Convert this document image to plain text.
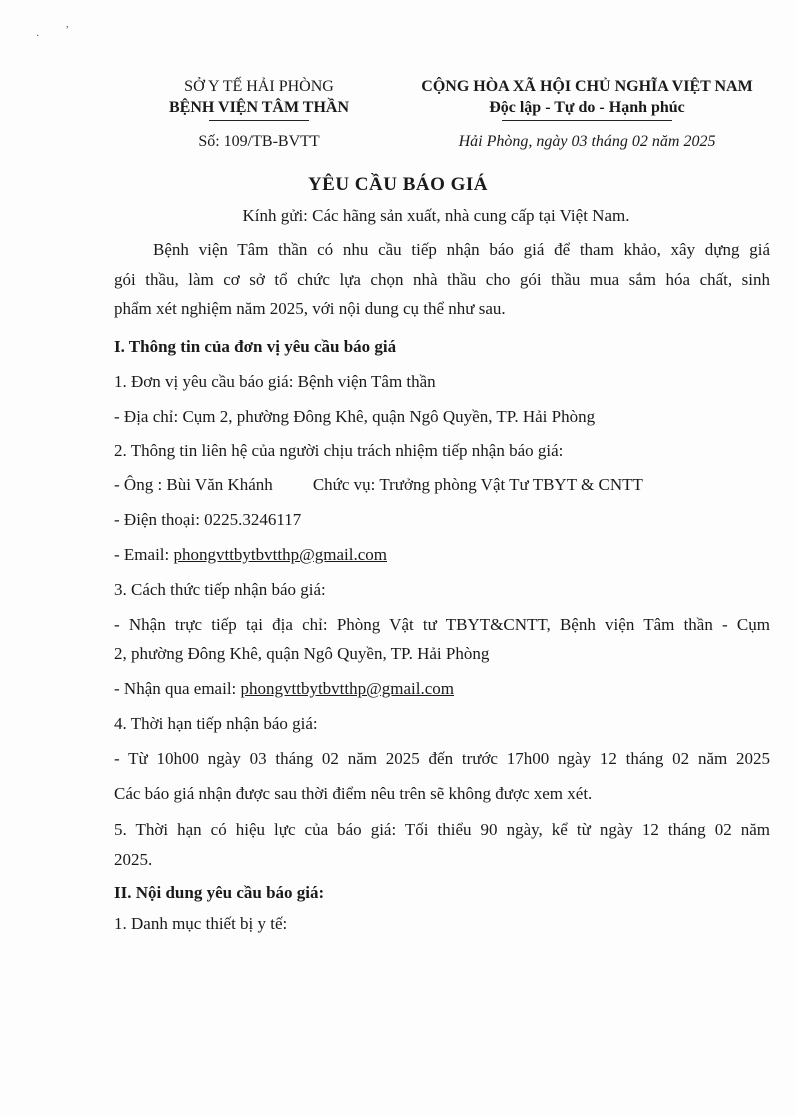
·
,
SỞ Y TẾ HẢI PHÒNG
BỆNH VIỆN TÂM THẦN
CỘNG HÒA XÃ HỘI CHỦ NGHĨA VIỆT NAM
Độc lập - Tự do - Hạnh phúc
Số: 109/TB-BVTT	Hải Phòng, ngày 03 tháng 02 năm 2025
YÊU CẦU BÁO GIÁ
Kính gửi: Các hãng sản xuất, nhà cung cấp tại Việt Nam.
Bệnh viện Tâm thần có nhu cầu tiếp nhận báo giá để tham khảo, xây dựng giá
gói thầu, làm cơ sở tổ chức lựa chọn nhà thầu cho gói thầu mua sắm hóa chất, sinh
phẩm xét nghiệm năm 2025, với nội dung cụ thể như sau.
I. Thông tin của đơn vị yêu cầu báo giá
1. Đơn vị yêu cầu báo giá: Bệnh viện Tâm thần
- Địa chỉ: Cụm 2, phường Đông Khê, quận Ngô Quyền, TP. Hải Phòng
2. Thông tin liên hệ của người chịu trách nhiệm tiếp nhận báo giá:
- Ông : Bùi Văn Khánh Chức vụ: Trưởng phòng Vật Tư TBYT & CNTT
- Điện thoại: 0225.3246117
- Email: phongvttbytbvtthp@gmail.com
3. Cách thức tiếp nhận báo giá:
- Nhận trực tiếp tại địa chỉ: Phòng Vật tư TBYT&CNTT, Bệnh viện Tâm thần - Cụm
2, phường Đông Khê, quận Ngô Quyền, TP. Hải Phòng
- Nhận qua email: phongvttbytbvtthp@gmail.com
4. Thời hạn tiếp nhận báo giá:
- Từ 10h00 ngày 03 tháng 02 năm 2025 đến trước 17h00 ngày 12 tháng 02 năm 2025
Các báo giá nhận được sau thời điểm nêu trên sẽ không được xem xét.
5. Thời hạn có hiệu lực của báo giá: Tối thiểu 90 ngày, kể từ ngày 12 tháng 02 năm
2025.
II. Nội dung yêu cầu báo giá:
1. Danh mục thiết bị y tế:
